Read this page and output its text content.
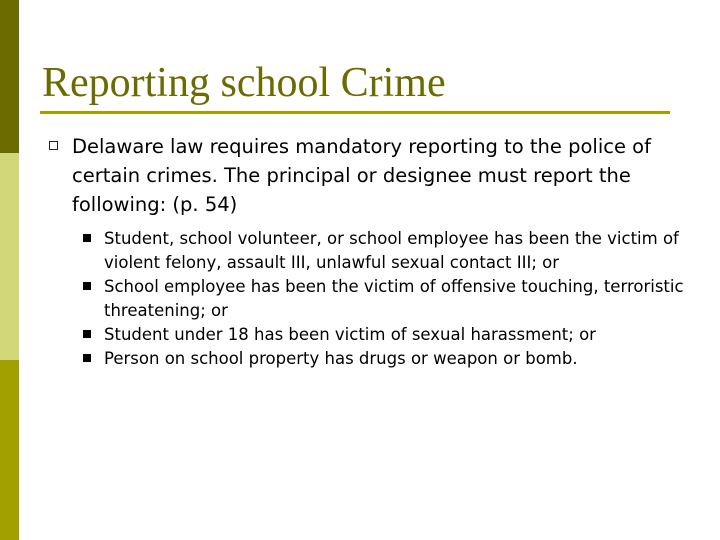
Reporting school Crime
Delaware law requires mandatory reporting to the police of certain crimes. The principal or designee must report the following: (p. 54)
Student, school volunteer, or school employee has been the victim of violent felony, assault III, unlawful sexual contact III; or
School employee has been the victim of offensive touching, terroristic threatening; or
Student under 18 has been victim of sexual harassment; or
Person on school property has drugs or weapon or bomb.
